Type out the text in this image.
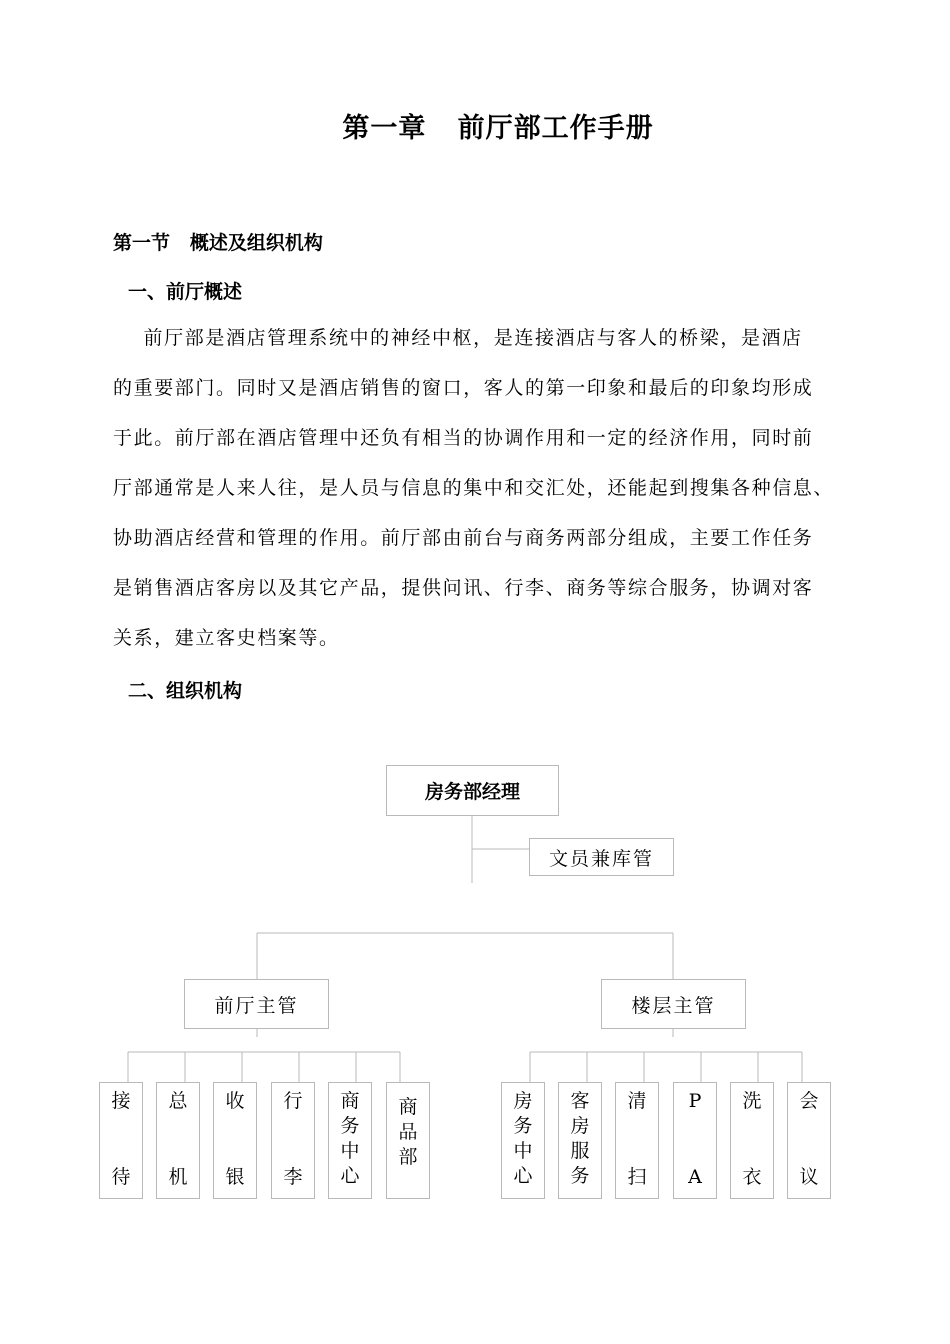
第一章   前厅部工作手册
第一节   概述及组织机构
一、前厅概述
前厅部是酒店管理系统中的神经中枢，是连接酒店与客人的桥梁，是酒店
的重要部门。同时又是酒店销售的窗口，客人的第一印象和最后的印象均形成
于此。前厅部在酒店管理中还负有相当的协调作用和一定的经济作用，同时前
厅部通常是人来人往，是人员与信息的集中和交汇处，还能起到搜集各种信息、
协助酒店经营和管理的作用。前厅部由前台与商务两部分组成，主要工作任务
是销售酒店客房以及其它产品，提供问讯、行李、商务等综合服务，协调对客
关系，建立客史档案等。
二、组织机构
房务部经理
文员兼库管
前厅主管	楼层主管
接
待
总
机
收
银
行
李
商
务
中
心
商
品
部
房
务
中
心
客
房
服
务
清
扫
P
A
洗
衣
会
议
